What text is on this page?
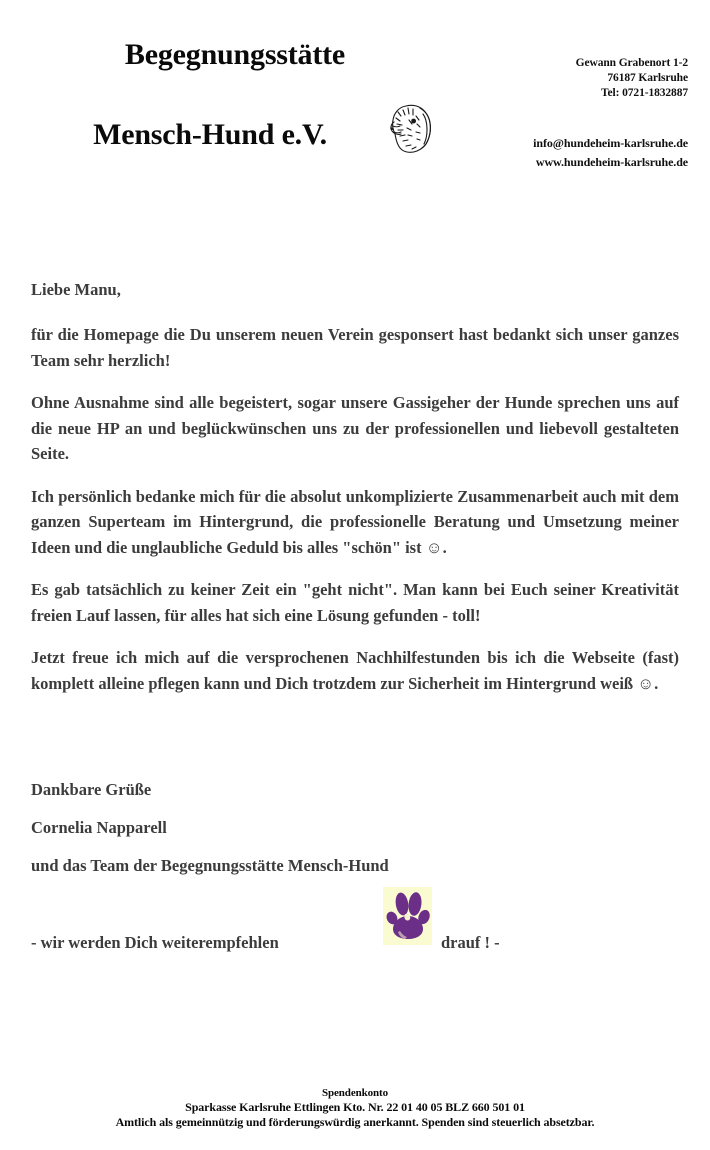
Begegnungsstätte
Mensch-Hund e.V.
Gewann Grabenort 1-2
76187 Karlsruhe
Tel: 0721-1832887
info@hundeheim-karlsruhe.de
www.hundeheim-karlsruhe.de
Liebe Manu,

für die Homepage die Du unserem neuen Verein gesponsert hast bedankt sich unser ganzes Team sehr herzlich!

Ohne Ausnahme sind alle begeistert, sogar unsere Gassigeher der Hunde sprechen uns auf die neue HP an und beglückwünschen uns zu der professionellen und liebevoll gestalteten Seite.

Ich persönlich bedanke mich für die absolut unkomplizierte Zusammenarbeit auch mit dem ganzen Superteam im Hintergrund, die professionelle Beratung und Umsetzung meiner Ideen und die unglaubliche Geduld bis alles "schön" ist ☺.

Es gab tatsächlich zu keiner Zeit ein "geht nicht". Man kann bei Euch seiner Kreativität freien Lauf lassen, für alles hat sich eine Lösung gefunden - toll!

Jetzt freue ich mich auf die versprochenen Nachhilfestunden bis ich die Webseite (fast) komplett alleine pflegen kann und Dich trotzdem zur Sicherheit im Hintergrund weiß ☺.

Dankbare Grüße
Cornelia Napparell
und das Team der Begegnungsstätte Mensch-Hund
- wir werden Dich weiterempfehlen	drauf ! -
Spendenkonto
Sparkasse Karlsruhe Ettlingen Kto. Nr. 22 01 40 05 BLZ 660 501 01
Amtlich als gemeinnützig und förderungswürdig anerkannt. Spenden sind steuerlich absetzbar.
